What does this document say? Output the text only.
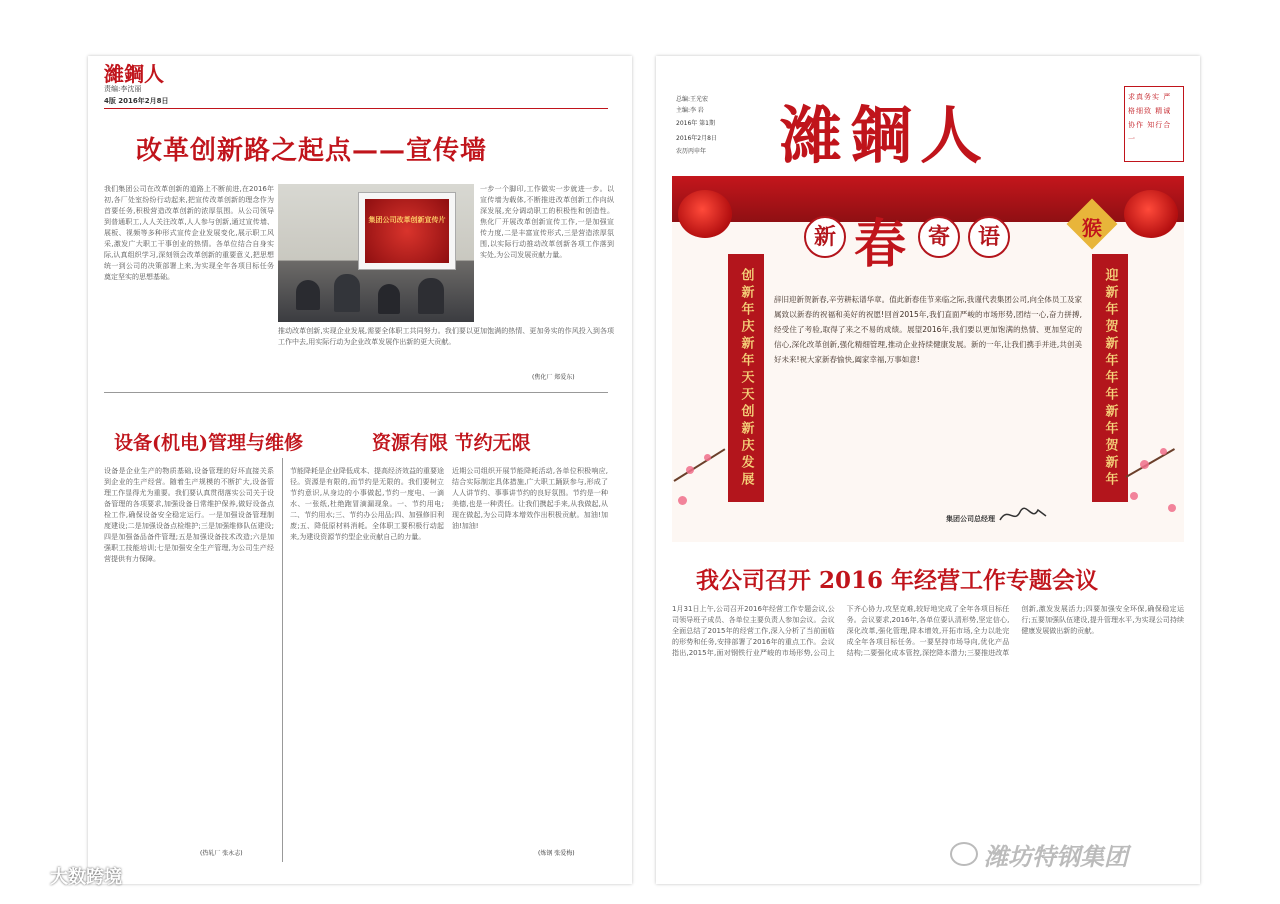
濰鋼人
责编:李沈丽
4版 2016年2月8日
改革创新路之起点——宣传墙
我们集团公司在改革创新的道路上不断前进,在2016年初,各厂处室纷纷行动起来,把宣传改革创新的理念作为首要任务,积极营造改革创新的浓厚氛围。从公司领导到普通职工,人人关注改革,人人参与创新,通过宣传墙、展板、视频等多种形式宣传企业发展变化,展示职工风采,激发广大职工干事创业的热情。各单位结合自身实际,认真组织学习,深刻领会改革创新的重要意义,把思想统一到公司的决策部署上来,为实现全年各项目标任务奠定坚实的思想基础。
集团公司改革创新宣传片
一步一个脚印,工作做实一步就进一步。以宣传墙为载体,不断推进改革创新工作向纵深发展,充分调动职工的积极性和创造性。焦化厂开展改革创新宣传工作,一是加强宣传力度,二是丰富宣传形式,三是营造浓厚氛围,以实际行动推动改革创新各项工作落到实处,为公司发展贡献力量。
推动改革创新,实现企业发展,需要全体职工共同努力。我们要以更加饱满的热情、更加务实的作风投入到各项工作中去,用实际行动为企业改革发展作出新的更大贡献。
(焦化厂 郑爱东)
设备(机电)管理与维修	资源有限 节约无限
设备是企业生产的物质基础,设备管理的好坏直接关系到企业的生产经营。随着生产规模的不断扩大,设备管理工作显得尤为重要。我们要认真贯彻落实公司关于设备管理的各项要求,加强设备日常维护保养,做好设备点检工作,确保设备安全稳定运行。一是加强设备管理制度建设;二是加强设备点检维护;三是加强维修队伍建设;四是加强备品备件管理;五是加强设备技术改造;六是加强职工技能培训;七是加强安全生产管理,为公司生产经营提供有力保障。
(热轧厂 张永志)
节能降耗是企业降低成本、提高经济效益的重要途径。资源是有限的,而节约是无限的。我们要树立节约意识,从身边的小事做起,节约一度电、一滴水、一张纸,杜绝跑冒滴漏现象。一、节约用电;二、节约用水;三、节约办公用品;四、加强修旧利废;五、降低原材料消耗。全体职工要积极行动起来,为建设资源节约型企业贡献自己的力量。
近期公司组织开展节能降耗活动,各单位积极响应,结合实际制定具体措施,广大职工踊跃参与,形成了人人讲节约、事事讲节约的良好氛围。节约是一种美德,也是一种责任。让我们携起手来,从我做起,从现在做起,为公司降本增效作出积极贡献。加油!加油!加油!
(炼钢 张爱梅)
总编:王光宏
主编:李 岩
2016年 第1期
2016年2月8日
农历丙申年	濰鋼人
求真务实 严格细致 精诚协作 知行合一
新 春 寄	语	猴
创新年庆新年天天创新庆发展	迎新年贺新年年年新年贺新年
辞旧迎新贺新春,辛劳耕耘谱华章。值此新春佳节来临之际,我谨代表集团公司,向全体员工及家属致以新春的祝福和美好的祝愿!回首2015年,我们直面严峻的市场形势,团结一心,奋力拼搏,经受住了考验,取得了来之不易的成绩。展望2016年,我们要以更加饱满的热情、更加坚定的信心,深化改革创新,强化精细管理,推动企业持续健康发展。新的一年,让我们携手并进,共创美好未来!祝大家新春愉快,阖家幸福,万事如意!
集团公司总经理
我公司召开 2016 年经营工作专题会议
1月31日上午,公司召开2016年经营工作专题会议,公司领导班子成员、各单位主要负责人参加会议。会议全面总结了2015年的经营工作,深入分析了当前面临的形势和任务,安排部署了2016年的重点工作。会议指出,2015年,面对钢铁行业严峻的市场形势,公司上下齐心协力,攻坚克难,较好地完成了全年各项目标任务。会议要求,2016年,各单位要认清形势,坚定信心,深化改革,强化管理,降本增效,开拓市场,全力以赴完成全年各项目标任务。一要坚持市场导向,优化产品结构;二要强化成本管控,深挖降本潜力;三要推进改革创新,激发发展活力;四要加强安全环保,确保稳定运行;五要加强队伍建设,提升管理水平,为实现公司持续健康发展做出新的贡献。
潍坊特钢集团
大数跨境
